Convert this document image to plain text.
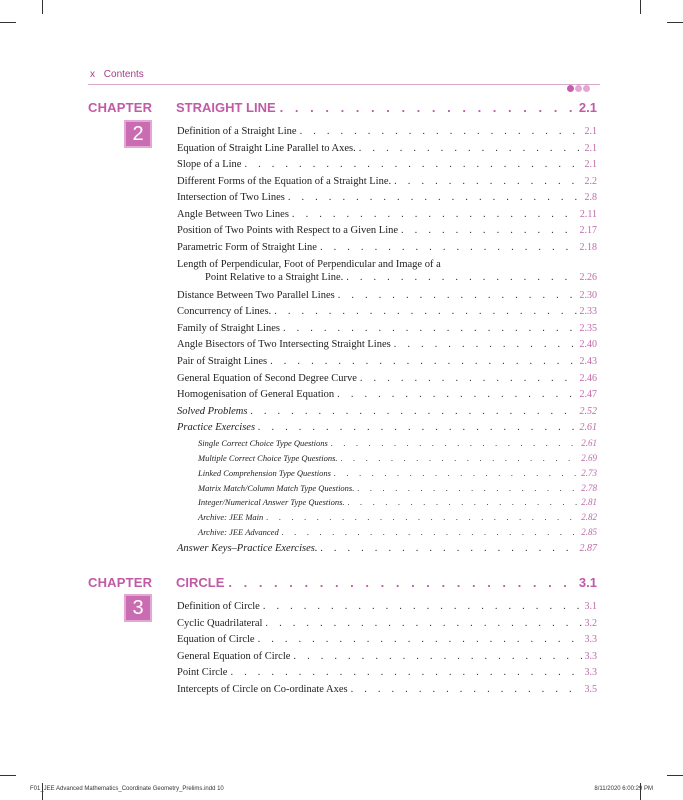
x Contents
CHAPTER
2
STRAIGHT LINE . . .	2.1
Definition of a Straight Line . . .	2.1
Equation of Straight Line Parallel to Axes. . . .	2.1
Slope of a Line . . .	2.1
Different Forms of the Equation of a Straight Line. . . .	2.2
Intersection of Two Lines . . .	2.8
Angle Between Two Lines . . .	2.11
Position of Two Points with Respect to a Given Line . . .	2.17
Parametric Form of Straight Line . . .	2.18
Length of Perpendicular, Foot of Perpendicular and Image of a
Point Relative to a Straight Line. . . .	2.26
Distance Between Two Parallel Lines . . .	2.30
Concurrency of Lines. . . .	2.33
Family of Straight Lines . . .	2.35
Angle Bisectors of Two Intersecting Straight Lines . . .	2.40
Pair of Straight Lines . . .	2.43
General Equation of Second Degree Curve . . .	2.46
Homogenisation of General Equation . . .	2.47
Solved Problems . . .	2.52
Practice Exercises . . .	2.61
Single Correct Choice Type Questions . . .	2.61
Multiple Correct Choice Type Questions. . . .	2.69
Linked Comprehension Type Questions . . .	2.73
Matrix Match/Column Match Type Questions. . . .	2.78
Integer/Numerical Answer Type Questions. . . .	2.81
Archive: JEE Main . . .	2.82
Archive: JEE Advanced . . .	2.85
Answer Keys–Practice Exercises. . . .	2.87
CHAPTER
3
CIRCLE . . .	3.1
Definition of Circle . . .	3.1
Cyclic Quadrilateral . . .	3.2
Equation of Circle . . .	3.3
General Equation of Circle . . .	3.3
Point Circle . . .	3.3
Intercepts of Circle on Co-ordinate Axes . . .	3.5
F01_JEE Advanced Mathematics_Coordinate Geometry_Prelims.indd 10	8/11/2020 6:00:29 PM
